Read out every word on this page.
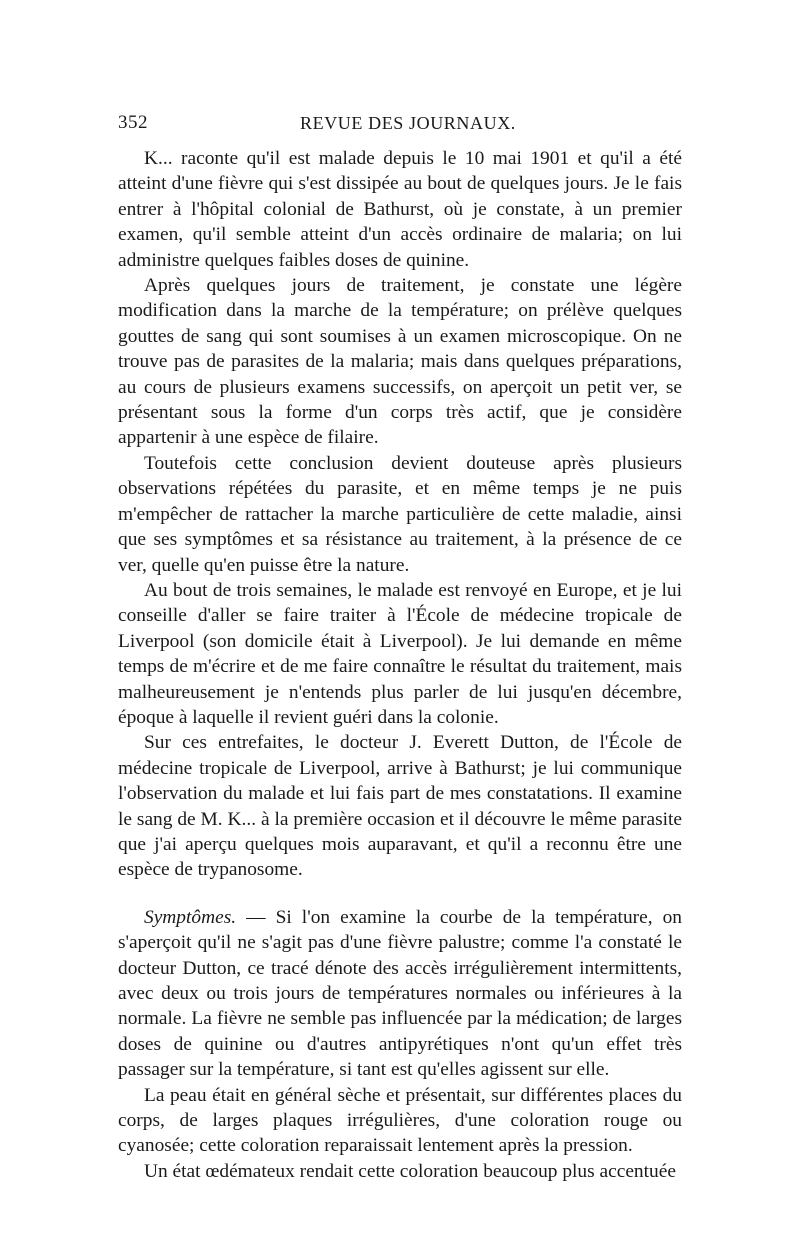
352	REVUE DES JOURNAUX.

K... raconte qu'il est malade depuis le 10 mai 1901 et qu'il a été atteint d'une fièvre qui s'est dissipée au bout de quelques jours. Je le fais entrer à l'hôpital colonial de Bathurst, où je constate, à un premier examen, qu'il semble atteint d'un accès ordinaire de malaria; on lui administre quelques faibles doses de quinine.

Après quelques jours de traitement, je constate une légère modification dans la marche de la température; on prélève quelques gouttes de sang qui sont soumises à un examen microscopique. On ne trouve pas de parasites de la malaria; mais dans quelques préparations, au cours de plusieurs examens successifs, on aperçoit un petit ver, se présentant sous la forme d'un corps très actif, que je considère appartenir à une espèce de filaire.

Toutefois cette conclusion devient douteuse après plusieurs observations répétées du parasite, et en même temps je ne puis m'empêcher de rattacher la marche particulière de cette maladie, ainsi que ses symptômes et sa résistance au traitement, à la présence de ce ver, quelle qu'en puisse être la nature.

Au bout de trois semaines, le malade est renvoyé en Europe, et je lui conseille d'aller se faire traiter à l'École de médecine tropicale de Liverpool (son domicile était à Liverpool). Je lui demande en même temps de m'écrire et de me faire connaître le résultat du traitement, mais malheureusement je n'entends plus parler de lui jusqu'en décembre, époque à laquelle il revient guéri dans la colonie.

Sur ces entrefaites, le docteur J. Everett Dutton, de l'École de médecine tropicale de Liverpool, arrive à Bathurst; je lui communique l'observation du malade et lui fais part de mes constatations. Il examine le sang de M. K... à la première occasion et il découvre le même parasite que j'ai aperçu quelques mois auparavant, et qu'il a reconnu être une espèce de trypanosome.

Symptômes. — Si l'on examine la courbe de la température, on s'aperçoit qu'il ne s'agit pas d'une fièvre palustre; comme l'a constaté le docteur Dutton, ce tracé dénote des accès irrégulièrement intermittents, avec deux ou trois jours de températures normales ou inférieures à la normale. La fièvre ne semble pas influencée par la médication; de larges doses de quinine ou d'autres antipyrétiques n'ont qu'un effet très passager sur la température, si tant est qu'elles agissent sur elle.

La peau était en général sèche et présentait, sur différentes places du corps, de larges plaques irrégulières, d'une coloration rouge ou cyanosée; cette coloration reparaissait lentement après la pression.

Un état œdémateux rendait cette coloration beaucoup plus accentuée
